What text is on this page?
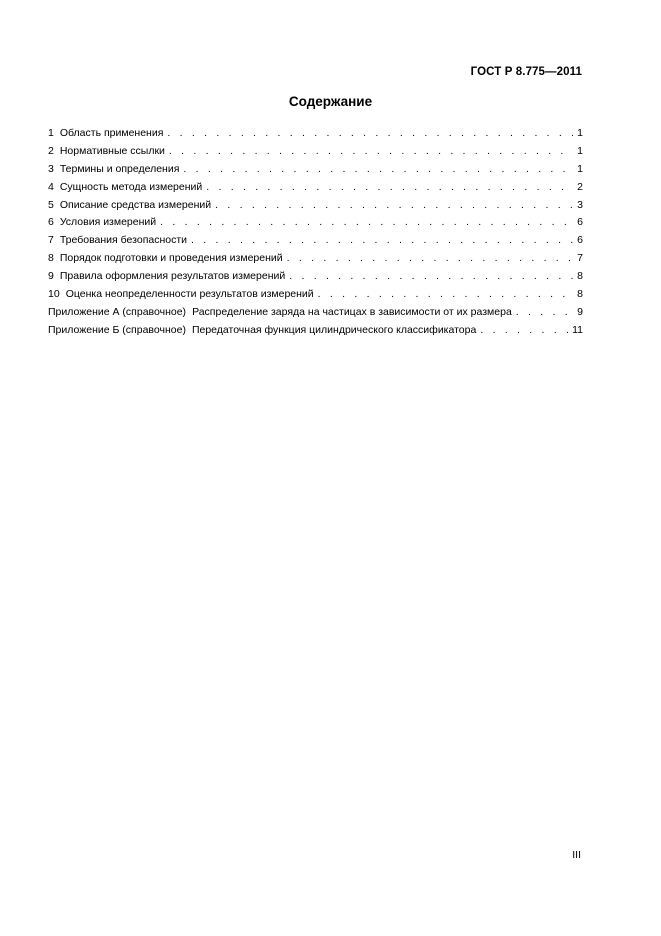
ГОСТ Р 8.775—2011
Содержание
1 Область применения . . .	1
2 Нормативные ссылки . . .	1
3 Термины и определения . . .	1
4 Сущность метода измерений . . .	2
5 Описание средства измерений . . .	3
6 Условия измерений . . .	6
7 Требования безопасности . . .	6
8 Порядок подготовки и проведения измерений . . .	7
9 Правила оформления результатов измерений . . .	8
10 Оценка неопределенности результатов измерений . . .	8
Приложение А (справочное) Распределение заряда на частицах в зависимости от их размера . . .	9
Приложение Б (справочное) Передаточная функция цилиндрического классификатора . . .	11
III
